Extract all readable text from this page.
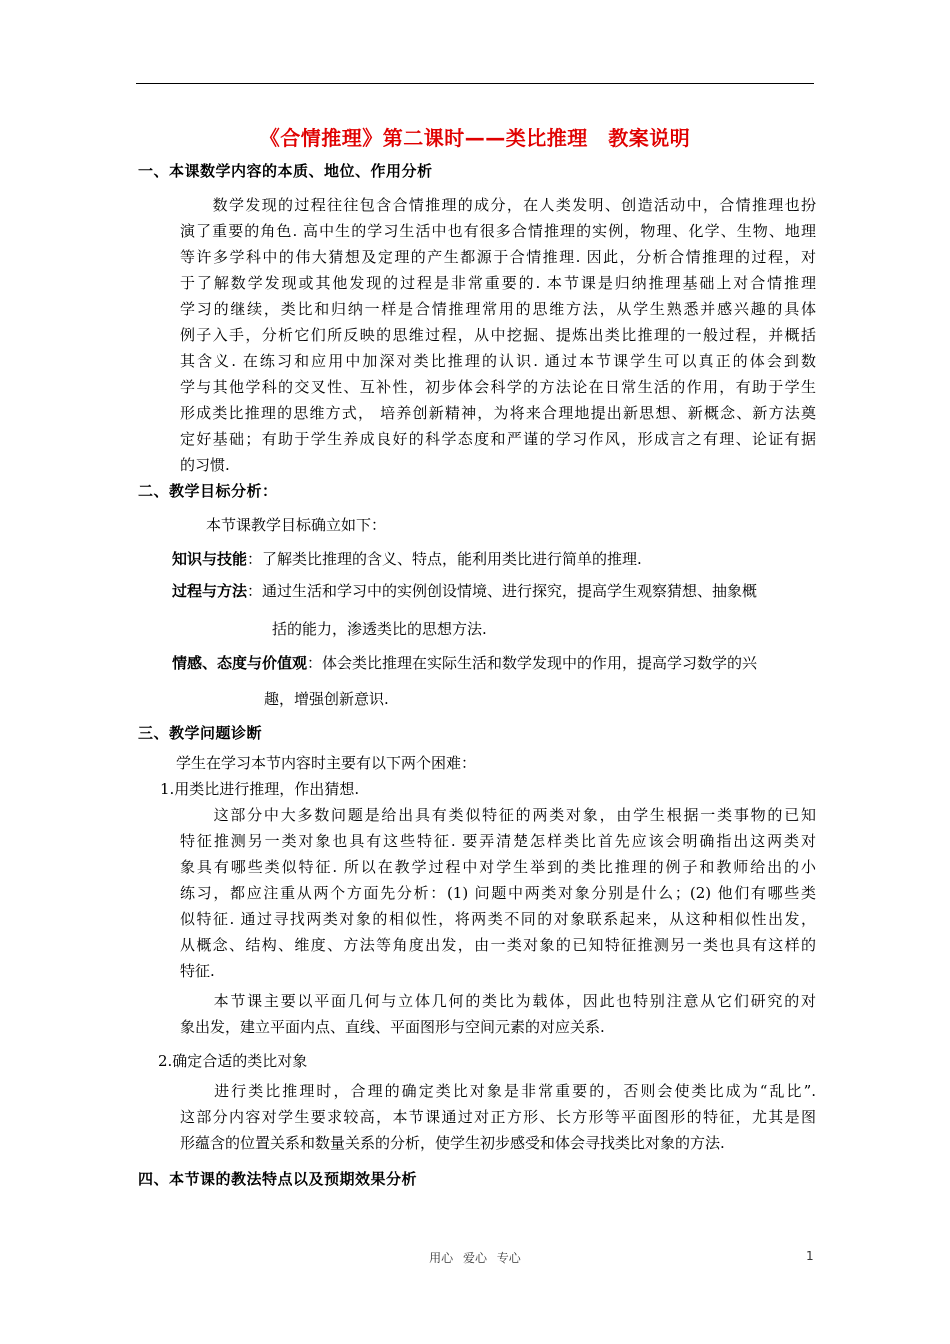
《合情推理》第二课时——类比推理　教案说明
一、本课数学内容的本质、地位、作用分析
　　数学发现的过程往往包含合情推理的成分，在人类发明、创造活动中，合情推理也扮
演了重要的角色. 高中生的学习生活中也有很多合情推理的实例，物理、化学、生物、地理
等许多学科中的伟大猜想及定理的产生都源于合情推理. 因此，分析合情推理的过程，对
于了解数学发现或其他发现的过程是非常重要的. 本节课是归纳推理基础上对合情推理
学习的继续，类比和归纳一样是合情推理常用的思维方法，从学生熟悉并感兴趣的具体
例子入手，分析它们所反映的思维过程，从中挖掘、提炼出类比推理的一般过程，并概括
其含义. 在练习和应用中加深对类比推理的认识. 通过本节课学生可以真正的体会到数
学与其他学科的交叉性、互补性，初步体会科学的方法论在日常生活的作用，有助于学生
形成类比推理的思维方式， 培养创新精神，为将来合理地提出新思想、新概念、新方法奠
定好基础；有助于学生养成良好的科学态度和严谨的学习作风，形成言之有理、论证有据
的习惯.
二、教学目标分析：
本节课教学目标确立如下：
知识与技能：了解类比推理的含义、特点，能利用类比进行简单的推理.
过程与方法：通过生活和学习中的实例创设情境、进行探究，提高学生观察猜想、抽象概
括的能力，渗透类比的思想方法.
情感、态度与价值观：体会类比推理在实际生活和数学发现中的作用，提高学习数学的兴
趣，增强创新意识.
三、教学问题诊断
学生在学习本节内容时主要有以下两个困难：
1.用类比进行推理，作出猜想.
　　这部分中大多数问题是给出具有类似特征的两类对象，由学生根据一类事物的已知
特征推测另一类对象也具有这些特征. 要弄清楚怎样类比首先应该会明确指出这两类对
象具有哪些类似特征. 所以在教学过程中对学生举到的类比推理的例子和教师给出的小
练习，都应注重从两个方面先分析：(1) 问题中两类对象分别是什么；(2) 他们有哪些类
似特征. 通过寻找两类对象的相似性，将两类不同的对象联系起来，从这种相似性出发，
从概念、结构、维度、方法等角度出发，由一类对象的已知特征推测另一类也具有这样的
特征.
　　本节课主要以平面几何与立体几何的类比为载体，因此也特别注意从它们研究的对
象出发，建立平面内点、直线、平面图形与空间元素的对应关系.
2.确定合适的类比对象
　　进行类比推理时，合理的确定类比对象是非常重要的，否则会使类比成为“乱比”.
这部分内容对学生要求较高，本节课通过对正方形、长方形等平面图形的特征，尤其是图
形蕴含的位置关系和数量关系的分析，使学生初步感受和体会寻找类比对象的方法.
四、本节课的教法特点以及预期效果分析
用心 爱心 专心	1
